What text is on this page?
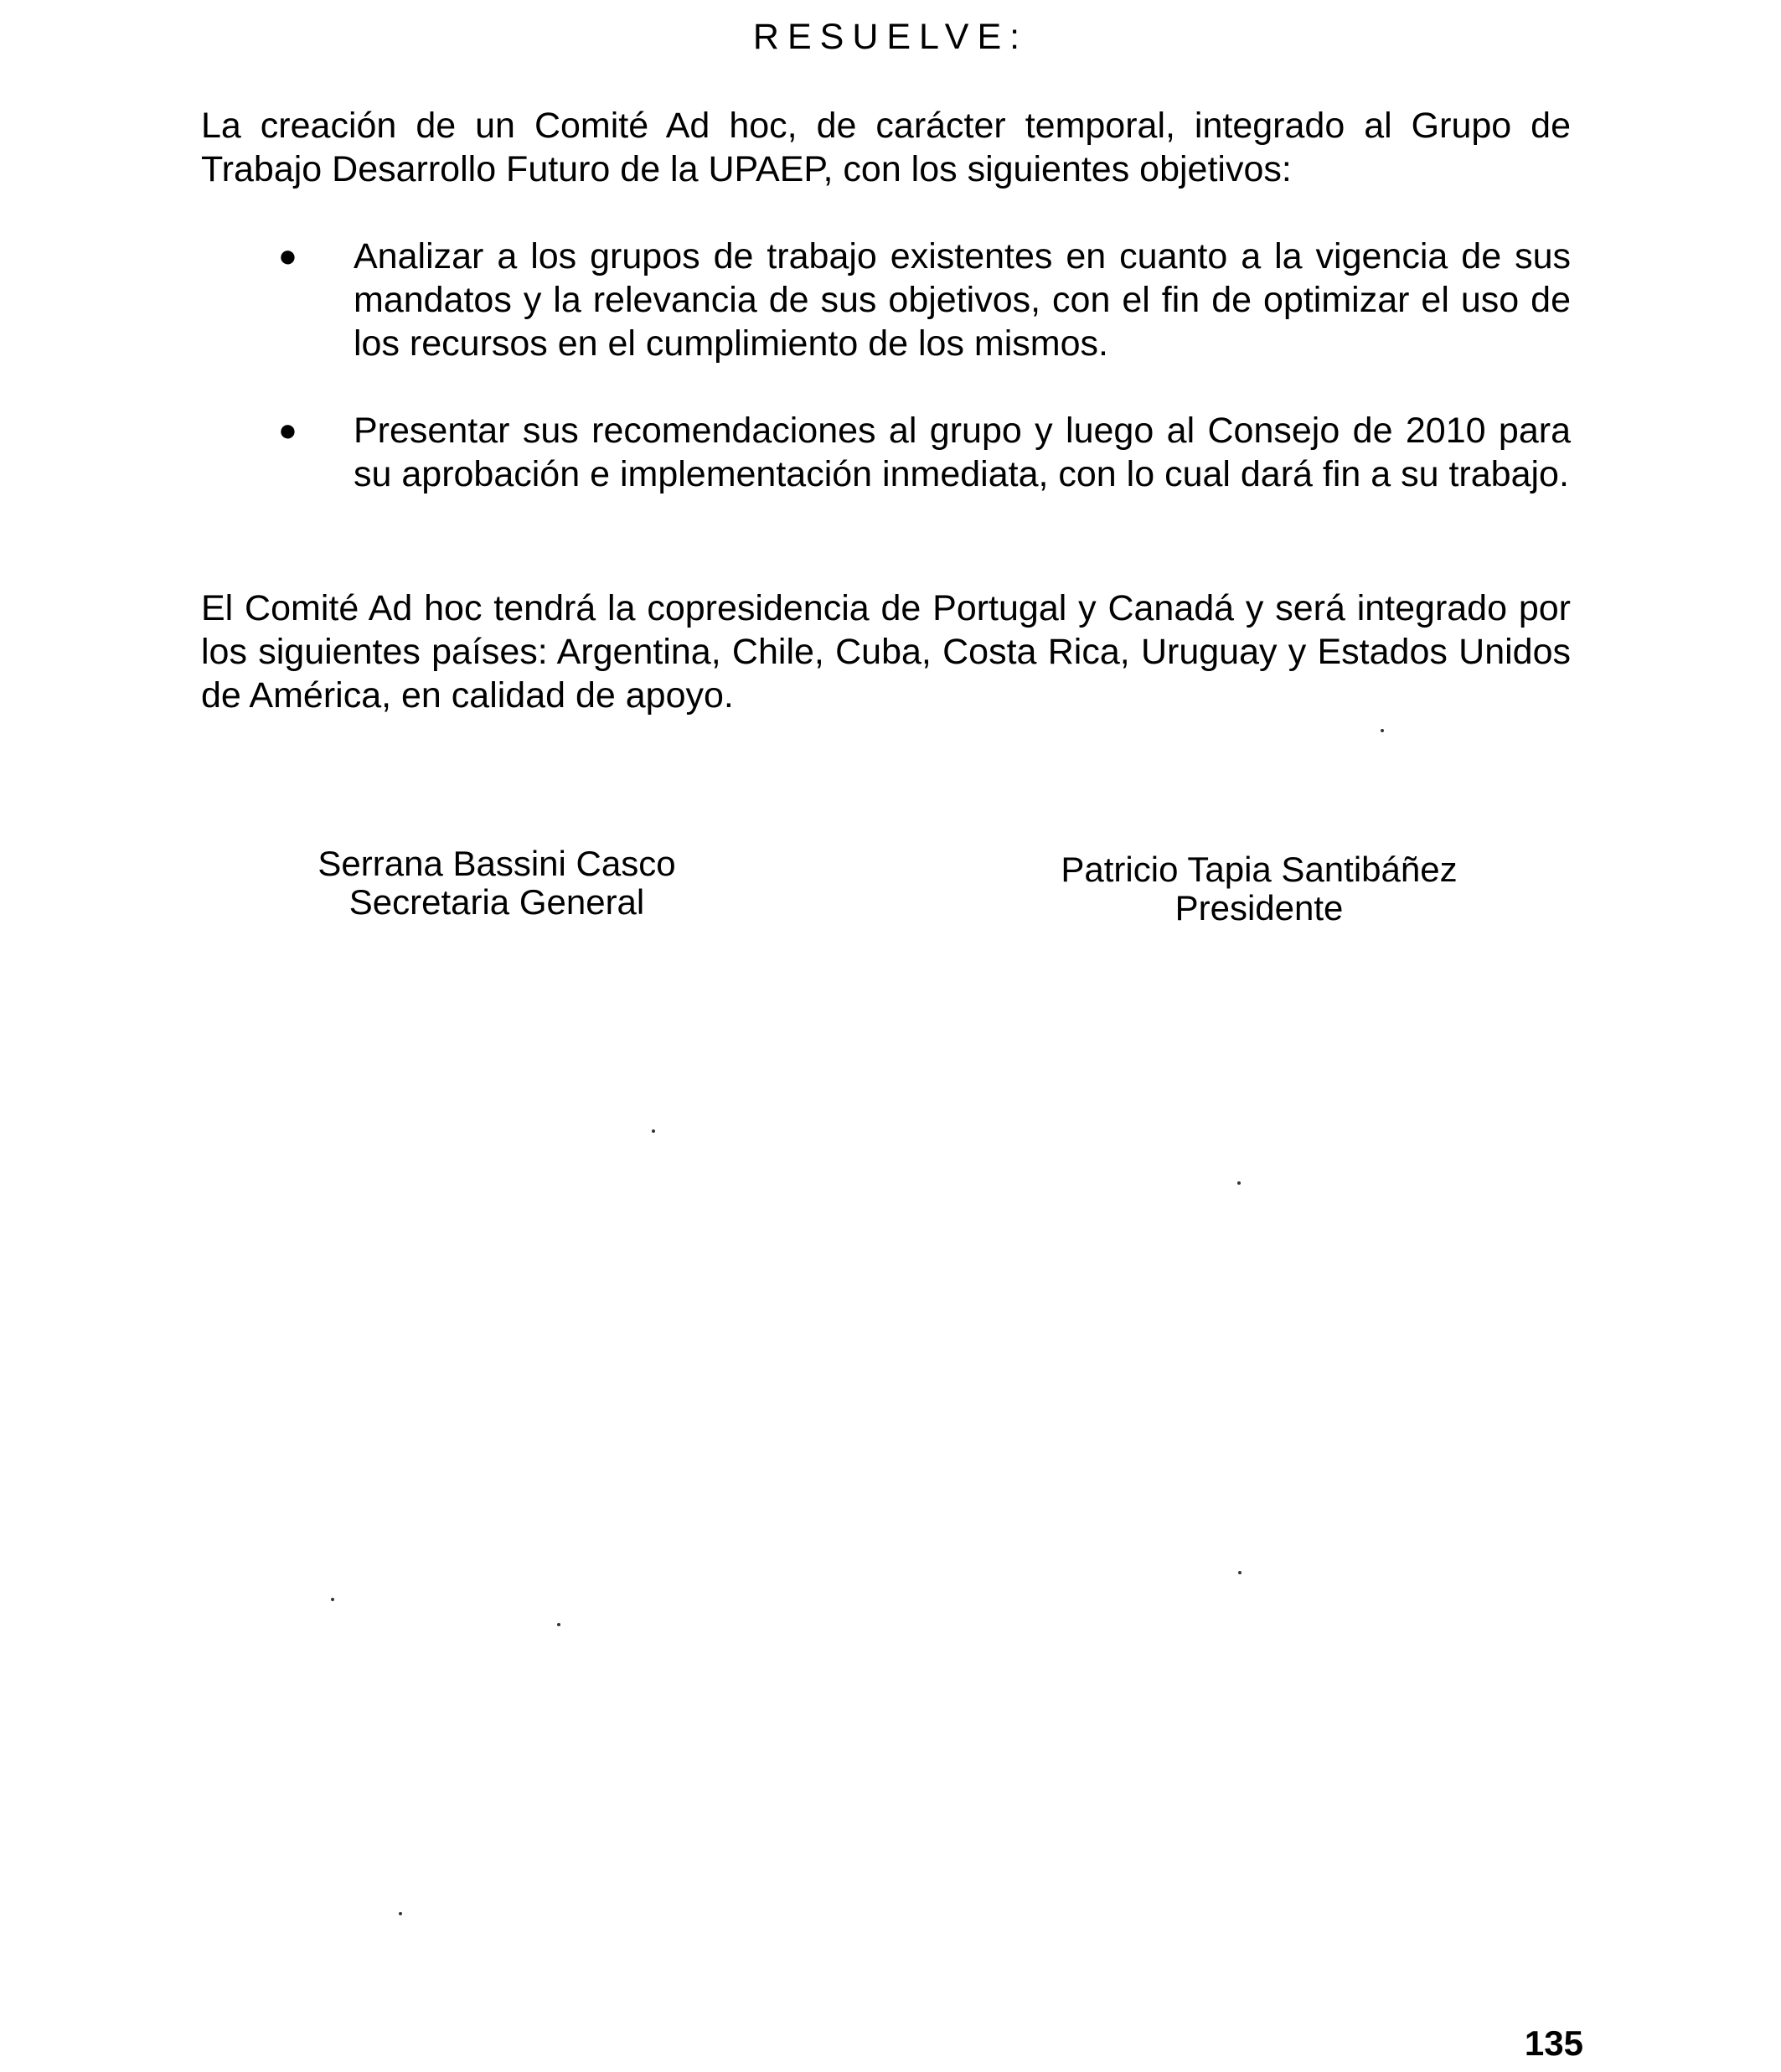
RESUELVE:
La creación de un Comité Ad hoc, de carácter temporal, integrado al Grupo de Trabajo Desarrollo Futuro de la UPAEP, con los siguientes objetivos:
●	Analizar a los grupos de trabajo existentes en cuanto a la vigencia de sus mandatos y la relevancia de sus objetivos, con el fin de optimizar el uso de los recursos en el cumplimiento de los mismos.
●	Presentar sus recomendaciones al grupo y luego al Consejo de 2010 para su aprobación e implementación inmediata, con lo cual dará fin a su trabajo.
El Comité Ad hoc tendrá la copresidencia de Portugal y Canadá y será integrado por los siguientes países: Argentina, Chile, Cuba, Costa Rica, Uruguay y Estados Unidos de América, en calidad de apoyo.
Serrana Bassini Casco
Secretaria General
Patricio Tapia Santibáñez
Presidente
135
